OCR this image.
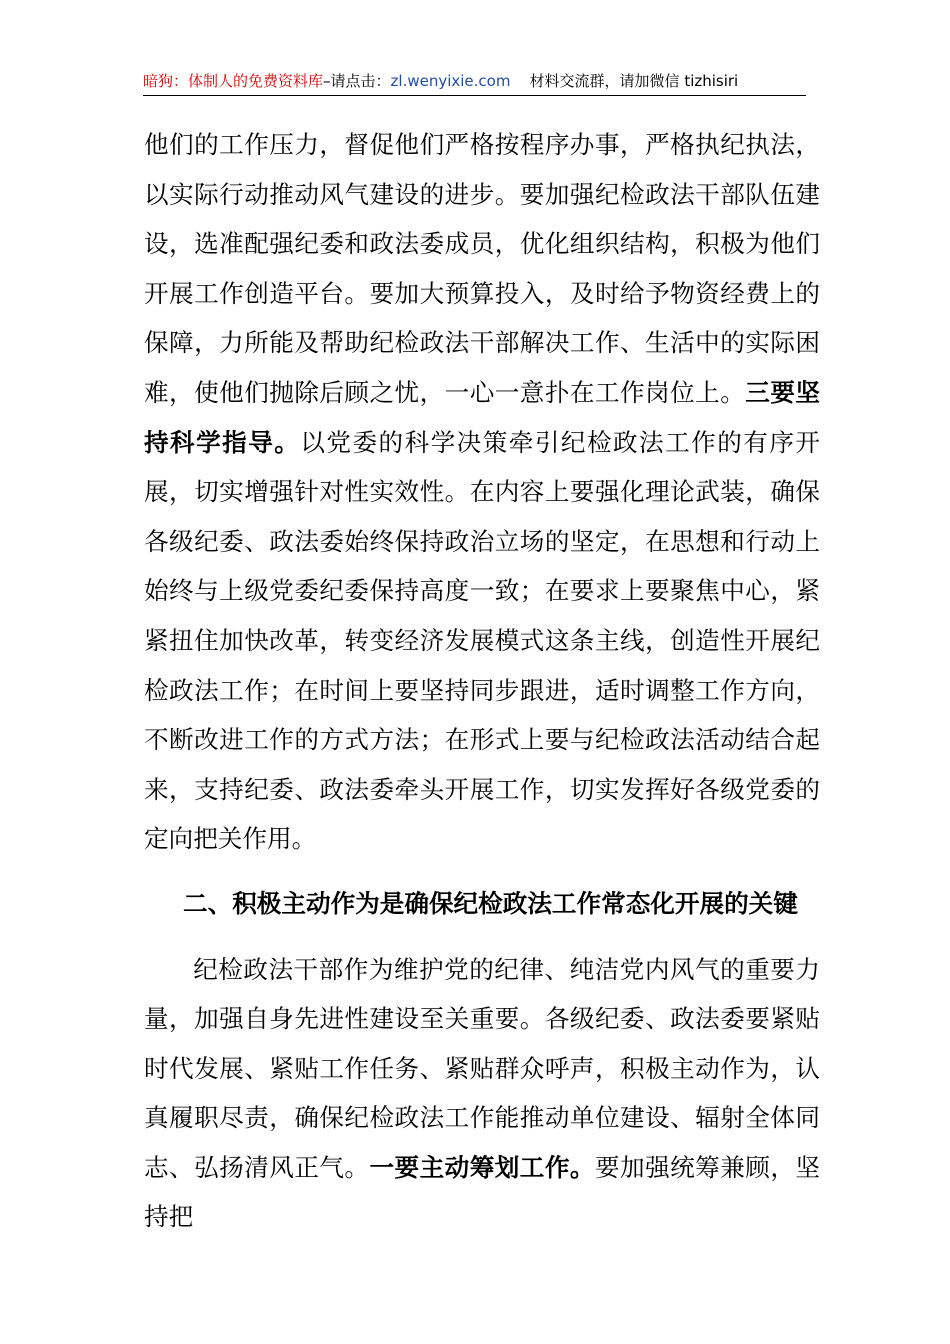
暗狗：体制人的免费资料库–请点击：zl.wenyixie.com 材料交流群，请加微信 tizhisiri

他们的工作压力，督促他们严格按程序办事，严格执纪执法，以实际行动推动风气建设的进步。要加强纪检政法干部队伍建设，选准配强纪委和政法委成员，优化组织结构，积极为他们开展工作创造平台。要加大预算投入，及时给予物资经费上的保障，力所能及帮助纪检政法干部解决工作、生活中的实际困难，使他们抛除后顾之忧，一心一意扑在工作岗位上。三要坚持科学指导。以党委的科学决策牵引纪检政法工作的有序开展，切实增强针对性实效性。在内容上要强化理论武装，确保各级纪委、政法委始终保持政治立场的坚定，在思想和行动上始终与上级党委纪委保持高度一致；在要求上要聚焦中心，紧紧扭住加快改革，转变经济发展模式这条主线，创造性开展纪检政法工作；在时间上要坚持同步跟进，适时调整工作方向，不断改进工作的方式方法；在形式上要与纪检政法活动结合起来，支持纪委、政法委牵头开展工作，切实发挥好各级党委的定向把关作用。

二、积极主动作为是确保纪检政法工作常态化开展的关键

纪检政法干部作为维护党的纪律、纯洁党内风气的重要力量，加强自身先进性建设至关重要。各级纪委、政法委要紧贴时代发展、紧贴工作任务、紧贴群众呼声，积极主动作为，认真履职尽责，确保纪检政法工作能推动单位建设、辐射全体同志、弘扬清风正气。一要主动筹划工作。要加强统筹兼顾，坚持把
